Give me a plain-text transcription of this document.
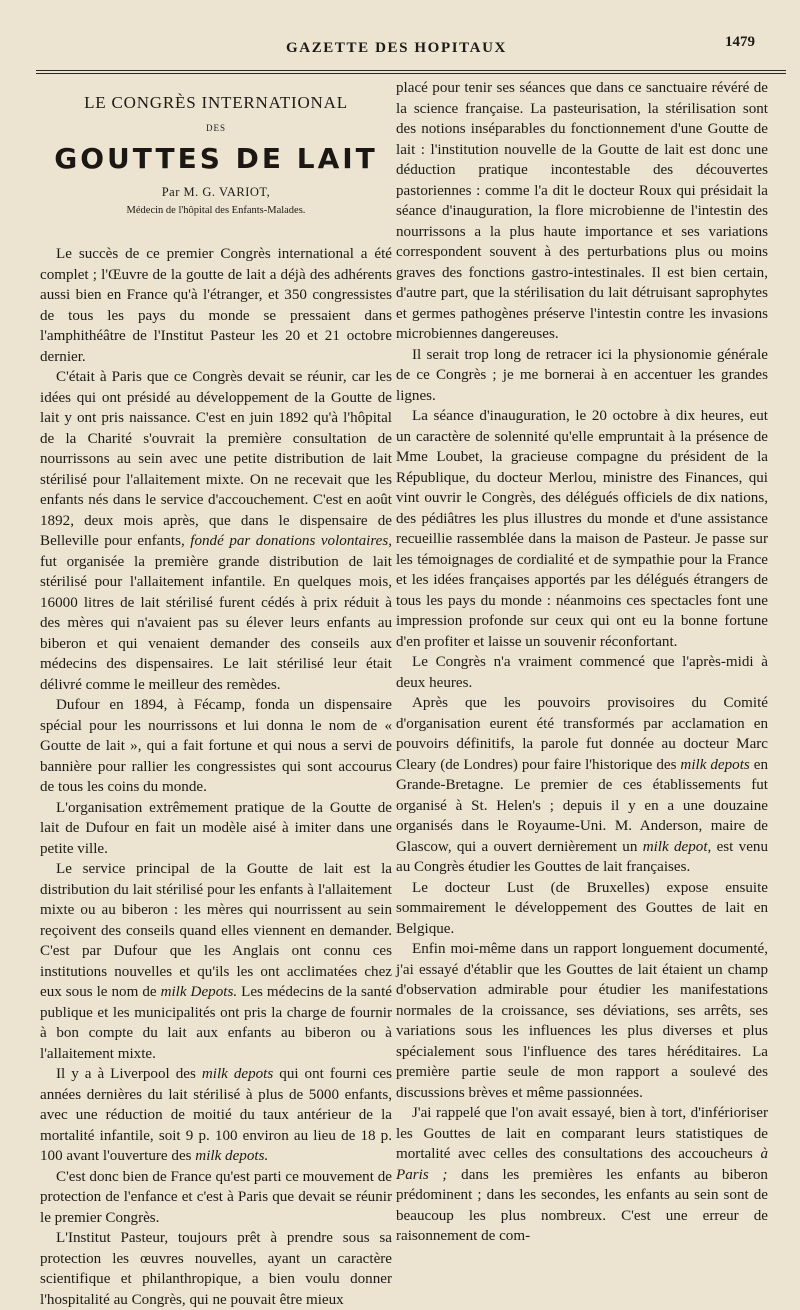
GAZETTE DES HOPITAUX	1479
LE CONGRÈS INTERNATIONAL
DES
GOUTTES DE LAIT
Par M. G. VARIOT,
Médecin de l'hôpital des Enfants-Malades.

Le succès de ce premier Congrès international a été complet ; l'Œuvre de la goutte de lait a déjà des adhérents aussi bien en France qu'à l'étranger, et 350 congressistes de tous les pays du monde se pressaient dans l'amphithéâtre de l'Institut Pasteur les 20 et 21 octobre dernier.

C'était à Paris que ce Congrès devait se réunir, car les idées qui ont présidé au développement de la Goutte de lait y ont pris naissance. C'est en juin 1892 qu'à l'hôpital de la Charité s'ouvrait la première consultation de nourrissons au sein avec une petite distribution de lait stérilisé pour l'allaitement mixte. On ne recevait que les enfants nés dans le service d'accouchement. C'est en août 1892, deux mois après, que dans le dispensaire de Belleville pour enfants, fondé par donations volontaires, fut organisée la première grande distribution de lait stérilisé pour l'allaitement infantile. En quelques mois, 16000 litres de lait stérilisé furent cédés à prix réduit à des mères qui n'avaient pas su élever leurs enfants au biberon et qui venaient demander des conseils aux médecins des dispensaires. Le lait stérilisé leur était délivré comme le meilleur des remèdes.

Dufour en 1894, à Fécamp, fonda un dispensaire spécial pour les nourrissons et lui donna le nom de « Goutte de lait », qui a fait fortune et qui nous a servi de bannière pour rallier les congressistes qui sont accourus de tous les coins du monde.

L'organisation extrêmement pratique de la Goutte de lait de Dufour en fait un modèle aisé à imiter dans une petite ville.

Le service principal de la Goutte de lait est la distribution du lait stérilisé pour les enfants à l'allaitement mixte ou au biberon : les mères qui nourrissent au sein reçoivent des conseils quand elles viennent en demander. C'est par Dufour que les Anglais ont connu ces institutions nouvelles et qu'ils les ont acclimatées chez eux sous le nom de milk Depots. Les médecins de la santé publique et les municipalités ont pris la charge de fournir à bon compte du lait aux enfants au biberon ou à l'allaitement mixte.

Il y a à Liverpool des milk depots qui ont fourni ces années dernières du lait stérilisé à plus de 5000 enfants, avec une réduction de moitié du taux antérieur de la mortalité infantile, soit 9 p. 100 environ au lieu de 18 p. 100 avant l'ouverture des milk depots.

C'est donc bien de France qu'est parti ce mouvement de protection de l'enfance et c'est à Paris que devait se réunir le premier Congrès.

L'Institut Pasteur, toujours prêt à prendre sous sa protection les œuvres nouvelles, ayant un caractère scientifique et philanthropique, a bien voulu donner l'hospitalité au Congrès, qui ne pouvait être mieux

placé pour tenir ses séances que dans ce sanctuaire révéré de la science française. La pasteurisation, la stérilisation sont des notions inséparables du fonctionnement d'une Goutte de lait : l'institution nouvelle de la Goutte de lait est donc une déduction pratique incontestable des découvertes pastoriennes : comme l'a dit le docteur Roux qui présidait la séance d'inauguration, la flore microbienne de l'intestin des nourrissons a la plus haute importance et ses variations correspondent souvent à des perturbations plus ou moins graves des fonctions gastro-intestinales. Il est bien certain, d'autre part, que la stérilisation du lait détruisant saprophytes et germes pathogènes préserve l'intestin contre les invasions microbiennes dangereuses.

Il serait trop long de retracer ici la physionomie générale de ce Congrès ; je me bornerai à en accentuer les grandes lignes.

La séance d'inauguration, le 20 octobre à dix heures, eut un caractère de solennité qu'elle empruntait à la présence de Mme Loubet, la gracieuse compagne du président de la République, du docteur Merlou, ministre des Finances, qui vint ouvrir le Congrès, des délégués officiels de dix nations, des pédiâtres les plus illustres du monde et d'une assistance recueillie rassemblée dans la maison de Pasteur. Je passe sur les témoignages de cordialité et de sympathie pour la France et les idées françaises apportés par les délégués étrangers de tous les pays du monde : néanmoins ces spectacles font une impression profonde sur ceux qui ont eu la bonne fortune d'en profiter et laisse un souvenir réconfortant.

Le Congrès n'a vraiment commencé que l'après-midi à deux heures.

Après que les pouvoirs provisoires du Comité d'organisation eurent été transformés par acclamation en pouvoirs définitifs, la parole fut donnée au docteur Marc Cleary (de Londres) pour faire l'historique des milk depots en Grande-Bretagne. Le premier de ces établissements fut organisé à St. Helen's ; depuis il y en a une douzaine organisés dans le Royaume-Uni. M. Anderson, maire de Glascow, qui a ouvert dernièrement un milk depot, est venu au Congrès étudier les Gouttes de lait françaises.

Le docteur Lust (de Bruxelles) expose ensuite sommairement le développement des Gouttes de lait en Belgique.

Enfin moi-même dans un rapport longuement documenté, j'ai essayé d'établir que les Gouttes de lait étaient un champ d'observation admirable pour étudier les manifestations normales de la croissance, ses déviations, ses arrêts, ses variations sous les influences les plus diverses et plus spécialement sous l'influence des tares héréditaires. La première partie seule de mon rapport a soulevé des discussions brèves et même passionnées.

J'ai rappelé que l'on avait essayé, bien à tort, d'inférioriser les Gouttes de lait en comparant leurs statistiques de mortalité avec celles des consultations des accoucheurs à Paris ; dans les premières les enfants au biberon prédominent ; dans les secondes, les enfants au sein sont de beaucoup les plus nombreux. C'est une erreur de raisonnement de com-
